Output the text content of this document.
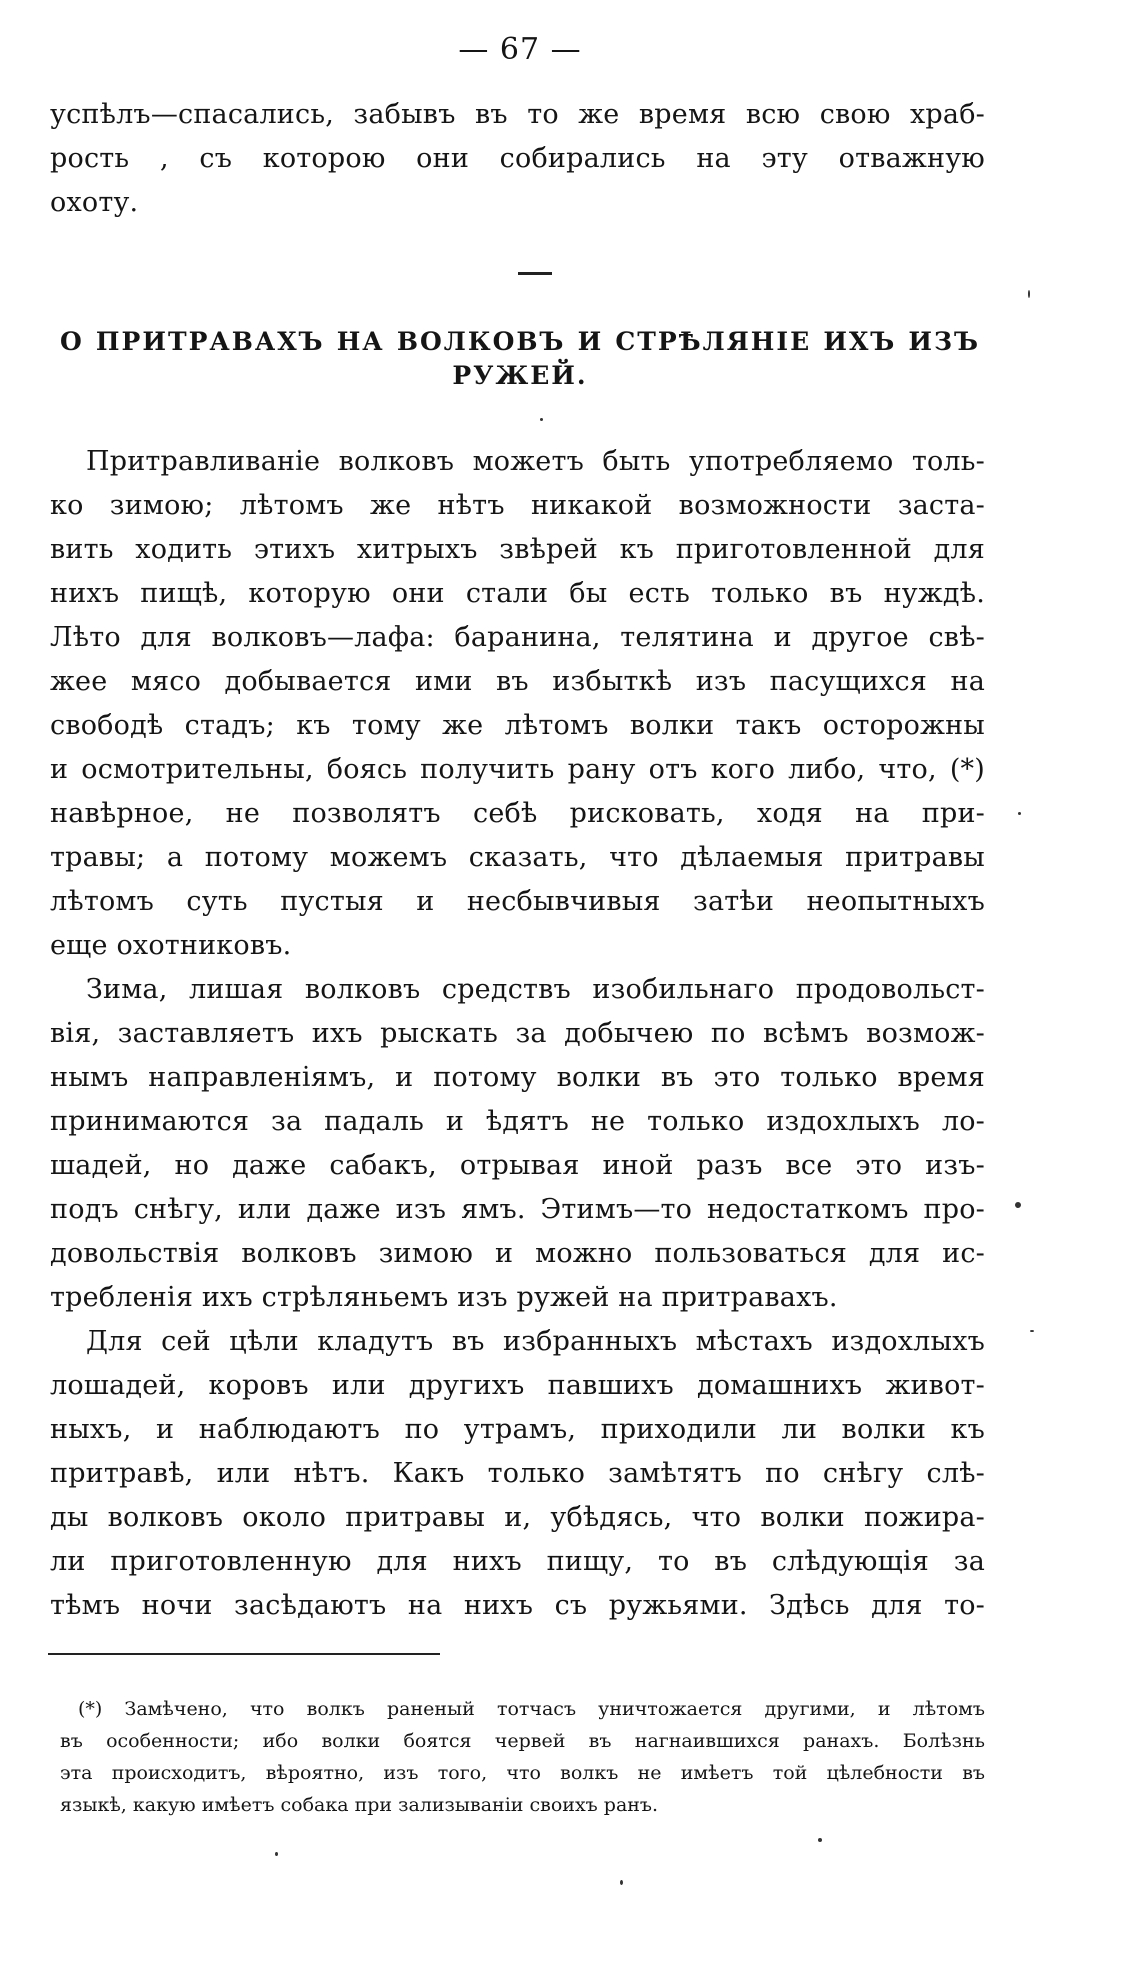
— 67 —
успѣлъ—спасались, забывъ въ то же время всю свою храб-
рость , съ которою они собирались на эту отважную
охоту.
О ПРИТРАВАХЪ НА ВОЛКОВЪ И СТРѢЛЯНІЕ ИХЪ ИЗЪ
РУЖЕЙ.
Притравливаніе волковъ можетъ быть употребляемо толь-
ко зимою; лѣтомъ же нѣтъ никакой возможности застa-
вить ходить этихъ хитрыхъ звѣрей къ приготовленной для
нихъ пищѣ, которую они стали бы есть только въ нуждѣ.
Лѣто для волковъ—лафа: баранина, телятина и другое свѣ-
жее мясо добывается ими въ избыткѣ изъ пасущихся на
свободѣ стадъ; къ тому же лѣтомъ волки такъ осторожны
и осмотрительны, боясь получить рану отъ кого либо, что, (*)
навѣрное, не позволятъ себѣ рисковать, ходя на при-
травы; а потому можемъ сказать, что дѣлаемыя притравы
лѣтомъ суть пустыя и несбывчивыя затѣи неопытныхъ
еще охотниковъ.
Зима, лишая волковъ средствъ изобильнаго продовольст-
вія, заставляетъ ихъ рыскать за добычею по всѣмъ возмож-
нымъ направленіямъ, и потому волки въ это только время
принимаются за падаль и ѣдятъ не только издохлыхъ ло-
шадей, но даже сабакъ, отрывая иной разъ все это изъ-
подъ снѣгу, или даже изъ ямъ. Этимъ—то недостаткомъ про-
довольствія волковъ зимою и можно пользоваться для ис-
требленія ихъ стрѣляньемъ изъ ружей на притравахъ.
Для сей цѣли кладутъ въ избранныхъ мѣстахъ издохлыхъ
лошадей, коровъ или другихъ павшихъ домашнихъ живот-
ныхъ, и наблюдаютъ по утрамъ, приходили ли волки къ
притравѣ, или нѣтъ. Какъ только замѣтятъ по снѣгу слѣ-
ды волковъ около притравы и, убѣдясь, что волки пожира-
ли приготовленную для нихъ пищу, то въ слѣдующія за
тѣмъ ночи засѣдаютъ на нихъ съ ружьями. Здѣсь для то-
(*) Замѣчено, что волкъ раненый тотчасъ уничтожается другими, и лѣтомъ
въ особенности; ибо волки боятся червей въ нагнаившихся ранахъ. Болѣзнь
эта происходитъ, вѣроятно, изъ того, что волкъ не имѣетъ той цѣлебности въ
языкѣ, какую имѣетъ собака при зализываніи своихъ ранъ.
